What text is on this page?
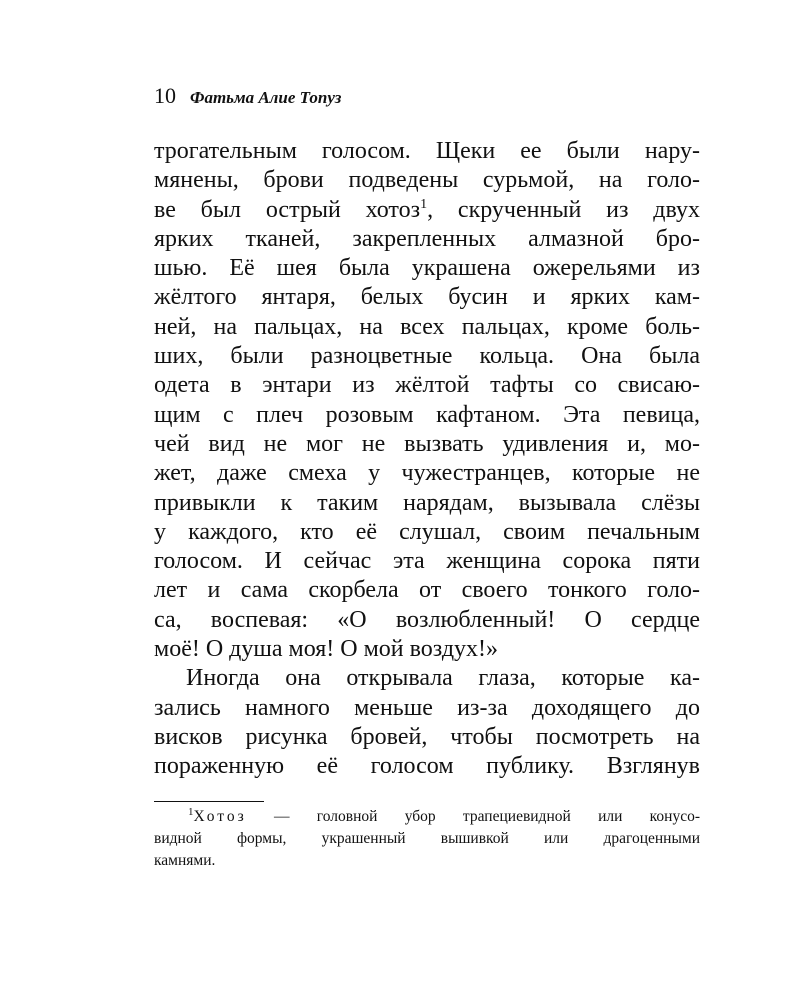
10 Фатьма Алие Топуз
трогательным голосом. Щеки ее были нару-
мянены, брови подведены сурьмой, на голо-
ве был острый хотоз$^1$, скрученный из двух
ярких тканей, закрепленных алмазной бро-
шью. Её шея была украшена ожерельями из
жёлтого янтаря, белых бусин и ярких кам-
ней, на пальцах, на всех пальцах, кроме боль-
ших, были разноцветные кольца. Она была
одета в энтари из жёлтой тафты со свисаю-
щим с плеч розовым кафтаном. Эта певица,
чей вид не мог не вызвать удивления и, мо-
жет, даже смеха у чужестранцев, которые не
привыкли к таким нарядам, вызывала слёзы
у каждого, кто её слушал, своим печальным
голосом. И сейчас эта женщина сорока пяти
лет и сама скорбела от своего тонкого голо-
са, воспевая: «О возлюбленный! О сердце
моё! О душа моя! О мой воздух!»
Иногда она открывала глаза, которые ка-
зались намного меньше из-за доходящего до
висков рисунка бровей, чтобы посмотреть на
пораженную её голосом публику. Взглянув
$^1$Хотоз — головной убор трапециевидной или конусо-
видной формы, украшенный вышивкой или драгоценными
камнями.
